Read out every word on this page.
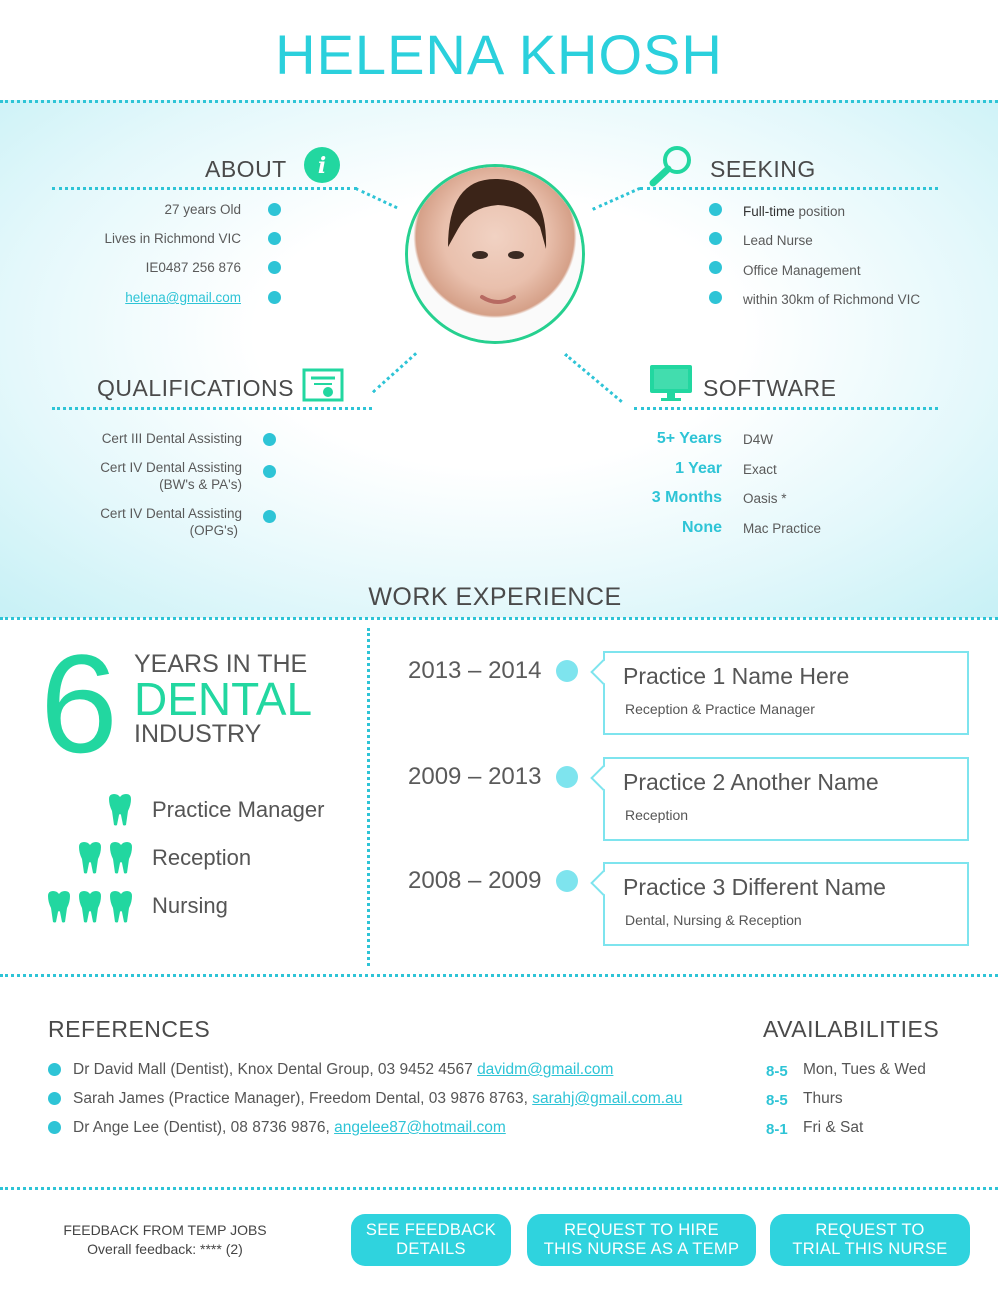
HELENA KHOSH
ABOUT i
27 years Old
Lives in Richmond VIC
IE0487 256 876
helena@gmail.com
SEEKING
Full-time position
Lead Nurse
Office Management
within 30km of Richmond VIC
QUALIFICATIONS
Cert III Dental Assisting
Cert IV Dental Assisting
(BW's & PA's)
Cert IV Dental Assisting
(OPG's)
SOFTWARE
5+ Years D4W
1 Year Exact
3 Months Oasis *
None Mac Practice
WORK EXPERIENCE
6 YEARS IN THE
DENTAL
INDUSTRY
Practice Manager
Reception
Nursing
2013 – 2014	Practice 1 Name Here
Reception & Practice Manager
2009 – 2013	Practice 2 Another Name
Reception
2008 – 2009	Practice 3 Different Name
Dental, Nursing & Reception
REFERENCES
Dr David Mall (Dentist), Knox Dental Group, 03 9452 4567 davidm@gmail.com
Sarah James (Practice Manager), Freedom Dental, 03 9876 8763, sarahj@gmail.com.au
Dr Ange Lee (Dentist), 08 8736 9876, angelee87@hotmail.com
AVAILABILITIES
8-5 Mon, Tues & Wed
8-5 Thurs
8-1 Fri & Sat
FEEDBACK FROM TEMP JOBS
Overall feedback: **** (2)
SEE FEEDBACK
DETAILS
REQUEST TO HIRE
THIS NURSE AS A TEMP
REQUEST TO
TRIAL THIS NURSE
